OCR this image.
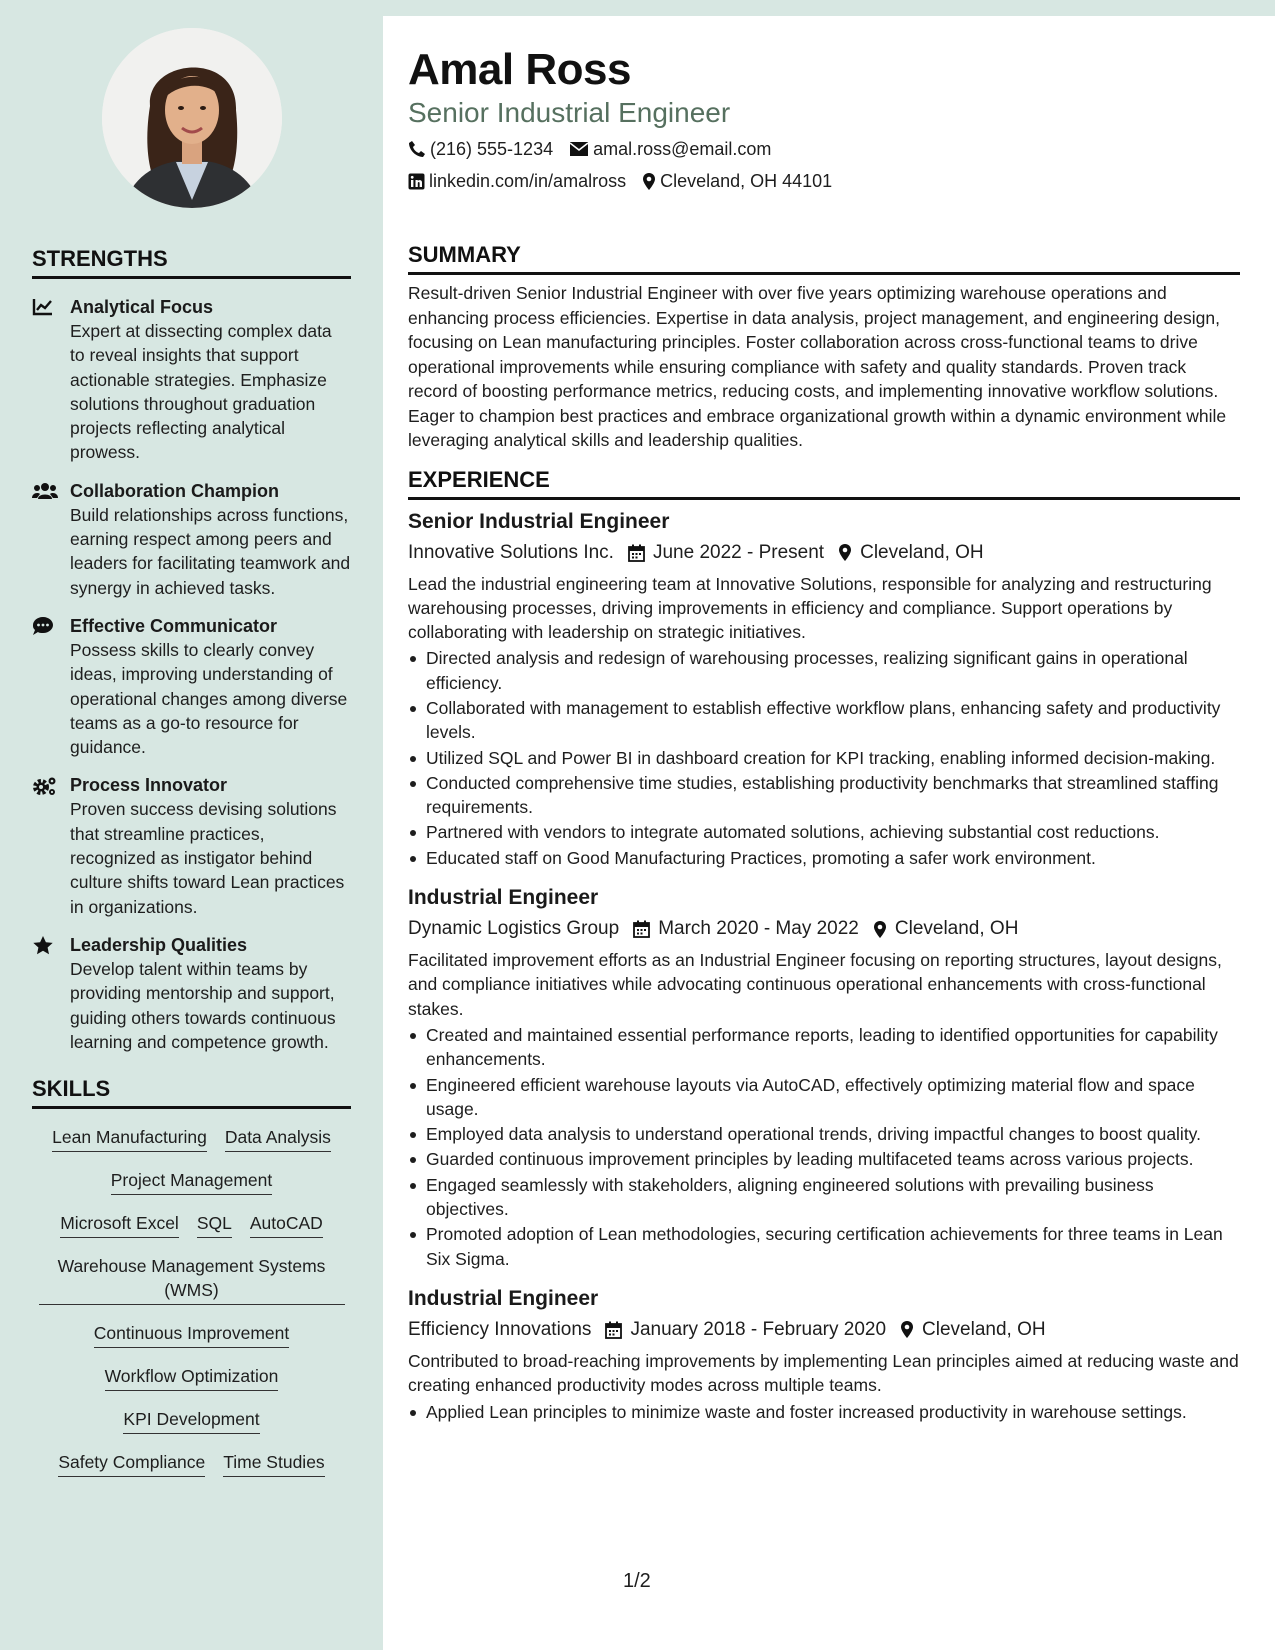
STRENGTHS
Analytical Focus
Expert at dissecting complex data to reveal insights that support actionable strategies. Emphasize solutions throughout graduation projects reflecting analytical prowess.
Collaboration Champion
Build relationships across functions, earning respect among peers and leaders for facilitating teamwork and synergy in achieved tasks.
Effective Communicator
Possess skills to clearly convey ideas, improving understanding of operational changes among diverse teams as a go-to resource for guidance.
Process Innovator
Proven success devising solutions that streamline practices, recognized as instigator behind culture shifts toward Lean practices in organizations.
Leadership Qualities
Develop talent within teams by providing mentorship and support, guiding others towards continuous learning and competence growth.
SKILLS
Lean Manufacturing Data Analysis
Project Management
Microsoft Excel SQL AutoCAD
Warehouse Management Systems (WMS)
Continuous Improvement
Workflow Optimization
KPI Development
Safety Compliance Time Studies
Amal Ross
Senior Industrial Engineer
(216) 555-1234 amal.ross@email.com
linkedin.com/in/amalross Cleveland, OH 44101
SUMMARY

Result-driven Senior Industrial Engineer with over five years optimizing warehouse operations and enhancing process efficiencies. Expertise in data analysis, project management, and engineering design, focusing on Lean manufacturing principles. Foster collaboration across cross-functional teams to drive operational improvements while ensuring compliance with safety and quality standards. Proven track record of boosting performance metrics, reducing costs, and implementing innovative workflow solutions. Eager to champion best practices and embrace organizational growth within a dynamic environment while leveraging analytical skills and leadership qualities.

EXPERIENCE
Senior Industrial Engineer
Innovative Solutions Inc. June 2022 - Present Cleveland, OH

Lead the industrial engineering team at Innovative Solutions, responsible for analyzing and restructuring warehousing processes, driving improvements in efficiency and compliance. Support operations by collaborating with leadership on strategic initiatives.

Directed analysis and redesign of warehousing processes, realizing significant gains in operational efficiency.
Collaborated with management to establish effective workflow plans, enhancing safety and productivity levels.
Utilized SQL and Power BI in dashboard creation for KPI tracking, enabling informed decision-making.
Conducted comprehensive time studies, establishing productivity benchmarks that streamlined staffing requirements.
Partnered with vendors to integrate automated solutions, achieving substantial cost reductions.
Educated staff on Good Manufacturing Practices, promoting a safer work environment.
Industrial Engineer
Dynamic Logistics Group March 2020 - May 2022 Cleveland, OH

Facilitated improvement efforts as an Industrial Engineer focusing on reporting structures, layout designs, and compliance initiatives while advocating continuous operational enhancements with cross-functional stakes.

Created and maintained essential performance reports, leading to identified opportunities for capability enhancements.
Engineered efficient warehouse layouts via AutoCAD, effectively optimizing material flow and space usage.
Employed data analysis to understand operational trends, driving impactful changes to boost quality.
Guarded continuous improvement principles by leading multifaceted teams across various projects.
Engaged seamlessly with stakeholders, aligning engineered solutions with prevailing business objectives.
Promoted adoption of Lean methodologies, securing certification achievements for three teams in Lean Six Sigma.
Industrial Engineer
Efficiency Innovations January 2018 - February 2020 Cleveland, OH

Contributed to broad-reaching improvements by implementing Lean principles aimed at reducing waste and creating enhanced productivity modes across multiple teams.

Applied Lean principles to minimize waste and foster increased productivity in warehouse settings.
1/2
